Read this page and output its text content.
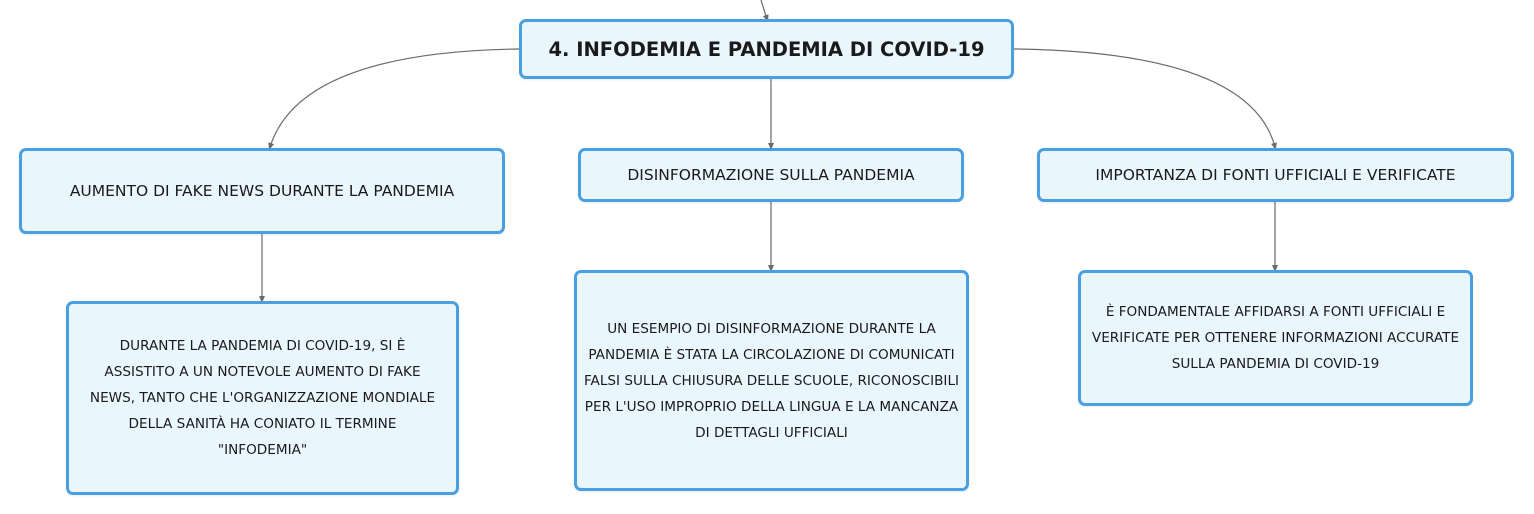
4. INFODEMIA E PANDEMIA DI COVID-19
AUMENTO DI FAKE NEWS DURANTE LA PANDEMIA
DISINFORMAZIONE SULLA PANDEMIA	IMPORTANZA DI FONTI UFFICIALI E VERIFICATE
DURANTE LA PANDEMIA DI COVID-19, SI È ASSISTITO A UN NOTEVOLE AUMENTO DI FAKE NEWS, TANTO CHE L'ORGANIZZAZIONE MONDIALE DELLA SANITÀ HA CONIATO IL TERMINE "INFODEMIA"
UN ESEMPIO DI DISINFORMAZIONE DURANTE LA PANDEMIA È STATA LA CIRCOLAZIONE DI COMUNICATI FALSI SULLA CHIUSURA DELLE SCUOLE, RICONOSCIBILI PER L'USO IMPROPRIO DELLA LINGUA E LA MANCANZA DI DETTAGLI UFFICIALI
È FONDAMENTALE AFFIDARSI A FONTI UFFICIALI E VERIFICATE PER OTTENERE INFORMAZIONI ACCURATE SULLA PANDEMIA DI COVID-19
